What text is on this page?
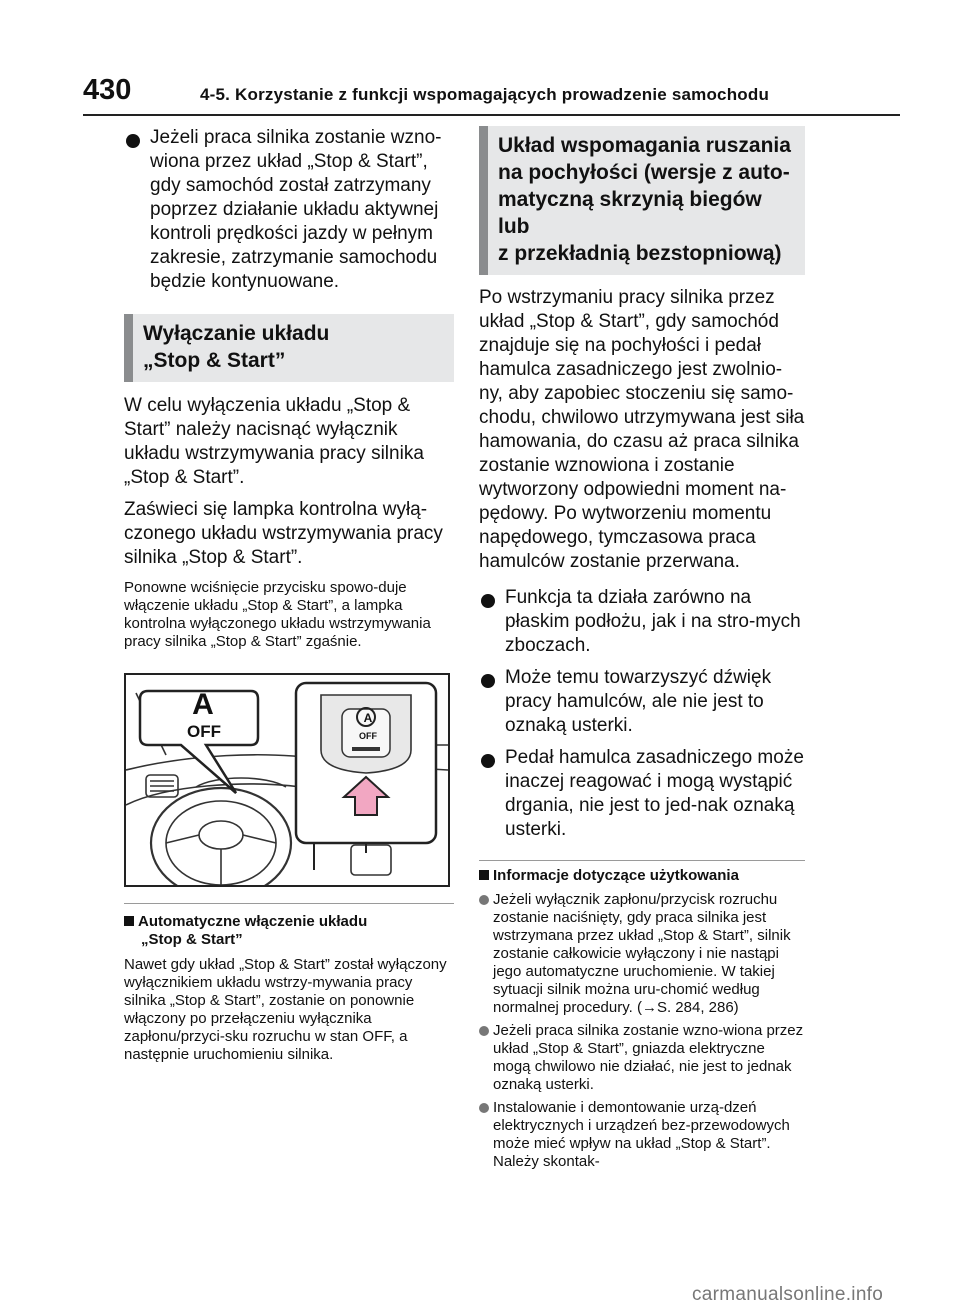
430	4-5. Korzystanie z funkcji wspomagających prowadzenie samochodu
Jeżeli praca silnika zostanie wzno-wiona przez układ „Stop & Start”, gdy samochód został zatrzymany poprzez działanie układu aktywnej kontroli prędkości jazdy w pełnym zakresie, zatrzymanie samochodu będzie kontynuowane.
Wyłączanie układu
„Stop & Start”
W celu wyłączenia układu „Stop & Start” należy nacisnąć wyłącznik układu wstrzymywania pracy silnika „Stop & Start”.
Zaświeci się lampka kontrolna wyłą-czonego układu wstrzymywania pracy silnika „Stop & Start”.
Ponowne wciśnięcie przycisku spowo-duje włączenie układu „Stop & Start”, a lampka kontrolna wyłączonego układu wstrzymywania pracy silnika „Stop & Start” zgaśnie.
A
OFF
A
OFF
Automatyczne włączenie układu
„Stop & Start”
Nawet gdy układ „Stop & Start” został wyłączony wyłącznikiem układu wstrzy-mywania pracy silnika „Stop & Start”, zostanie on ponownie włączony po przełączeniu wyłącznika zapłonu/przyci-sku rozruchu w stan OFF, a następnie uruchomieniu silnika.
Układ wspomagania ruszania
na pochyłości (wersje z auto-
matyczną skrzynią biegów lub
z przekładnią bezstopniową)
Po wstrzymaniu pracy silnika przez układ „Stop & Start”, gdy samochód znajduje się na pochyłości i pedał hamulca zasadniczego jest zwolnio-ny, aby zapobiec stoczeniu się samo-chodu, chwilowo utrzymywana jest siła hamowania, do czasu aż praca silnika zostanie wznowiona i zostanie wytworzony odpowiedni moment na-pędowy. Po wytworzeniu momentu napędowego, tymczasowa praca hamulców zostanie przerwana.
Funkcja ta działa zarówno na płaskim podłożu, jak i na stro-mych zboczach.
Może temu towarzyszyć dźwięk pracy hamulców, ale nie jest to oznaką usterki.
Pedał hamulca zasadniczego może inaczej reagować i mogą wystąpić drgania, nie jest to jed-nak oznaką usterki.
Informacje dotyczące użytkowania
Jeżeli wyłącznik zapłonu/przycisk rozruchu zostanie naciśnięty, gdy praca silnika jest wstrzymana przez układ „Stop & Start”, silnik zostanie całkowicie wyłączony i nie nastąpi jego automatyczne uruchomienie. W takiej sytuacji silnik można uru-chomić według normalnej procedury. (→S. 284, 286)
Jeżeli praca silnika zostanie wzno-wiona przez układ „Stop & Start”, gniazda elektryczne mogą chwilowo nie działać, nie jest to jednak oznaką usterki.
Instalowanie i demontowanie urzą-dzeń elektrycznych i urządzeń bez-przewodowych może mieć wpływ na układ „Stop & Start”. Należy skontak-
carmanualsonline.info
